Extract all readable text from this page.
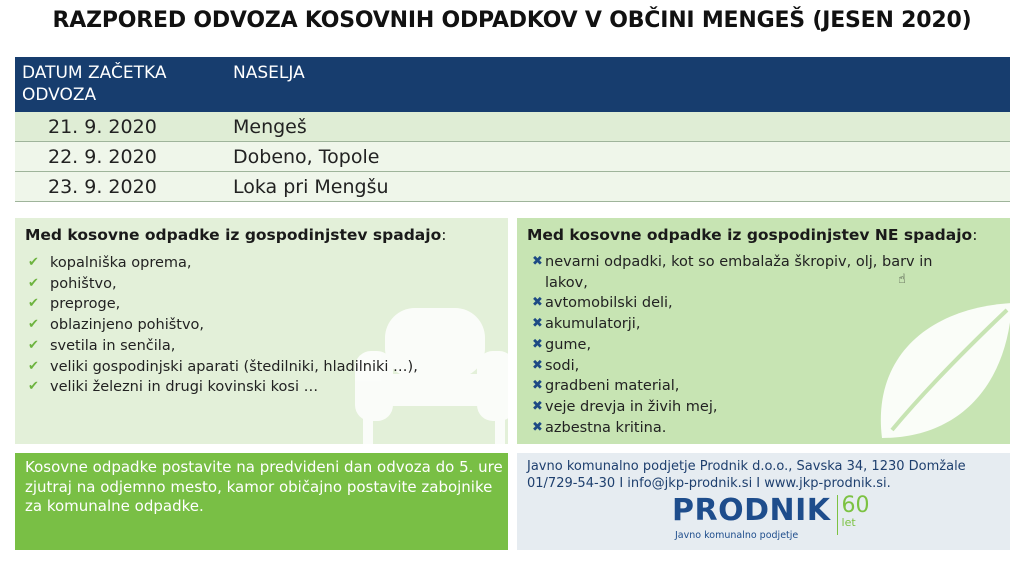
RAZPORED ODVOZA KOSOVNIH ODPADKOV V OBČINI MENGEŠ (JESEN 2020)
DATUM ZAČETKA ODVOZA
NASELJA
21. 9. 2020	Mengeš
22. 9. 2020	Dobeno, Topole
23. 9. 2020	Loka pri Mengšu
Med kosovne odpadke iz gospodinjstev spadajo:
✔ kopalniška oprema,
✔ pohištvo,
✔ preproge,
✔ oblazinjeno pohištvo,
✔ svetila in senčila,
✔ veliki gospodinjski aparati (štedilniki, hladilniki …),
✔ veliki železni in drugi kovinski kosi …
Med kosovne odpadke iz gospodinjstev NE spadajo:
✖ nevarni odpadki, kot so embalaža škropiv, olj, barv in lakov,
✖ avtomobilski deli,
✖ akumulatorji,
✖ gume,
✖ sodi,
✖ gradbeni material,
✖ veje drevja in živih mej,
✖ azbestna kritina.
☝
Kosovne odpadke postavite na predvideni dan odvoza do 5. ure zjutraj na odjemno mesto, kamor običajno postavite zabojnike za komunalne odpadke.
Javno komunalno podjetje Prodnik d.o.o., Savska 34, 1230 Domžale
01/729-54-30 I info@jkp-prodnik.si I www.jkp-prodnik.si.
PRODNIK
Javno komunalno podjetje
60
let
